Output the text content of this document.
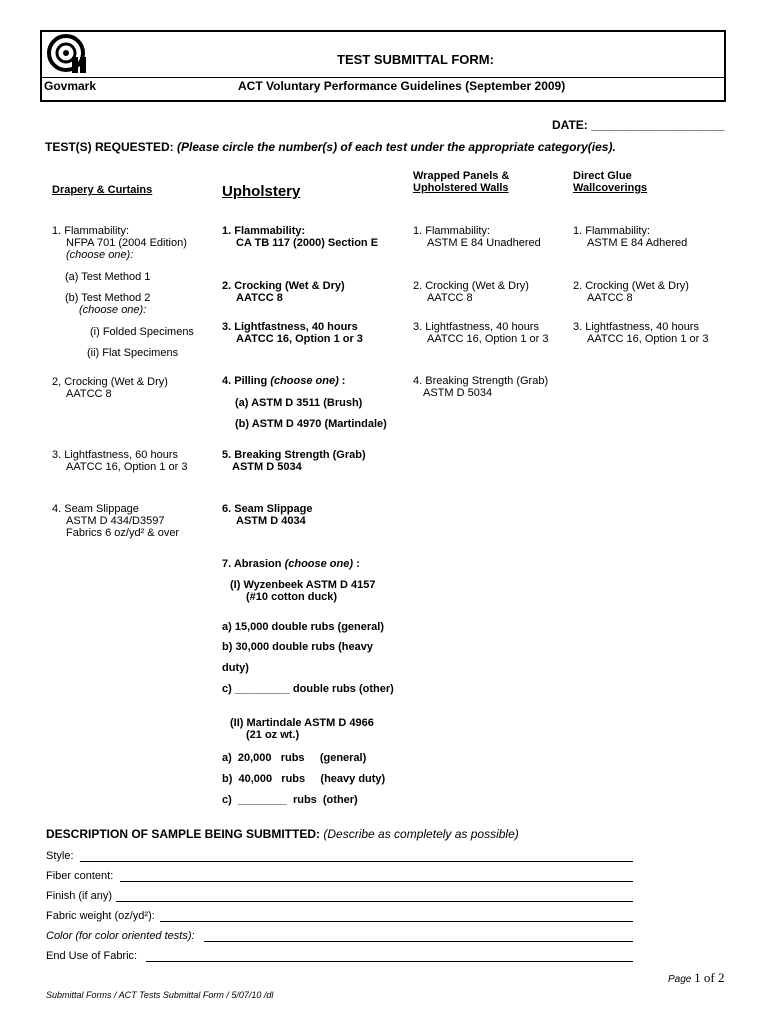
TEST SUBMITTAL FORM:
Govmark	ACT Voluntary Performance Guidelines (September 2009)
DATE: ____________________
TEST(S) REQUESTED: (Please circle the number(s) of each test under the appropriate category(ies).
Drapery & Curtains	Upholstery
Wrapped Panels &
Upholstered Walls
Direct Glue
Wallcoverings
1. Flammability:
NFPA 701 (2004 Edition)
(choose one):
(a) Test Method 1
(b) Test Method 2
(choose one):
(i) Folded Specimens
(ii) Flat Specimens
2, Crocking (Wet & Dry)
AATCC 8
3. Lightfastness, 60 hours
AATCC 16, Option 1 or 3
4. Seam Slippage
ASTM D 434/D3597
Fabrics 6 oz/yd² & over
1. Flammability:
CA TB 117 (2000) Section E
2. Crocking (Wet & Dry)
AATCC 8
3. Lightfastness, 40 hours
AATCC 16, Option 1 or 3
4. Pilling (choose one) :
(a) ASTM D 3511 (Brush)
(b) ASTM D 4970 (Martindale)
5. Breaking Strength (Grab)
ASTM D 5034
6. Seam Slippage
ASTM D 4034
7. Abrasion (choose one) :
(I) Wyzenbeek ASTM D 4157
(#10 cotton duck)
a) 15,000 double rubs (general)
b) 30,000 double rubs (heavy
duty)
c) _________ double rubs (other)
(II) Martindale ASTM D 4966
(21 oz wt.)
a)  20,000   rubs     (general)
b)  40,000   rubs     (heavy duty)
c)  ________  rubs  (other)
1. Flammability:
ASTM E 84 Unadhered
2. Crocking (Wet & Dry)
AATCC 8
3. Lightfastness, 40 hours
AATCC 16, Option 1 or 3
4. Breaking Strength (Grab)
ASTM D 5034
1. Flammability:
ASTM E 84 Adhered
2. Crocking (Wet & Dry)
AATCC 8
3. Lightfastness, 40 hours
AATCC 16, Option 1 or 3
DESCRIPTION OF SAMPLE BEING SUBMITTED: (Describe as completely as possible)
Style:
Fiber content:
Finish (if any)
Fabric weight (oz/yd²):
Color (for color oriented tests):
End Use of Fabric:
Page 1 of 2
Submittal Forms / ACT Tests Submittal Form / 5/07/10 /dl
